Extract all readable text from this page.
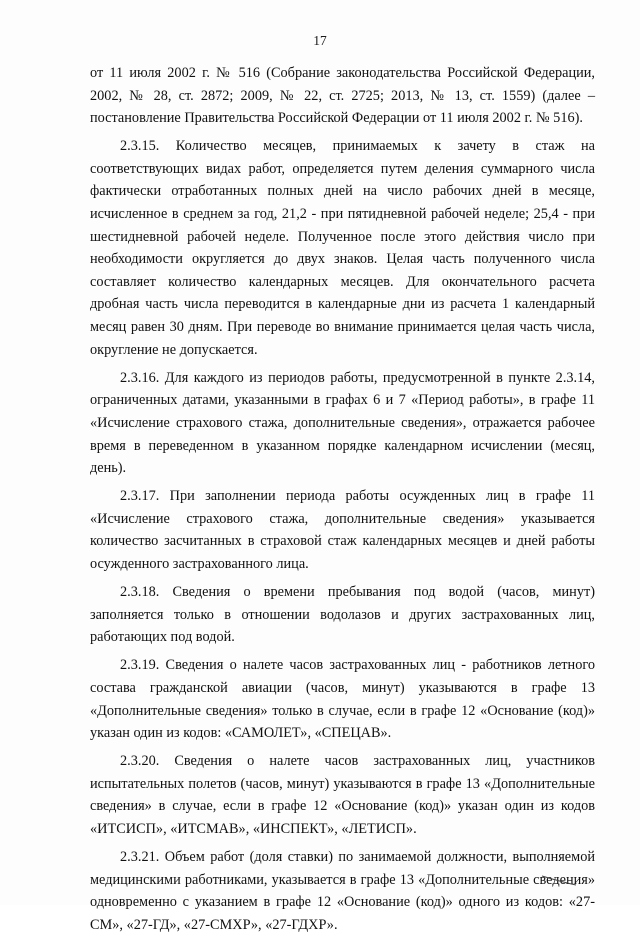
17

от 11 июля 2002 г. № 516 (Собрание законодательства Российской Федерации, 2002, № 28, ст. 2872; 2009, № 22, ст. 2725; 2013, № 13, ст. 1559) (далее – постановление Правительства Российской Федерации от 11 июля 2002 г. № 516).

2.3.15. Количество месяцев, принимаемых к зачету в стаж на соответствующих видах работ, определяется путем деления суммарного числа фактически отработанных полных дней на число рабочих дней в месяце, исчисленное в среднем за год, 21,2 - при пятидневной рабочей неделе; 25,4 - при шестидневной рабочей неделе. Полученное после этого действия число при необходимости округляется до двух знаков. Целая часть полученного числа составляет количество календарных месяцев. Для окончательного расчета дробная часть числа переводится в календарные дни из расчета 1 календарный месяц равен 30 дням. При переводе во внимание принимается целая часть числа, округление не допускается.

2.3.16. Для каждого из периодов работы, предусмотренной в пункте 2.3.14, ограниченных датами, указанными в графах 6 и 7 «Период работы», в графе 11 «Исчисление страхового стажа, дополнительные сведения», отражается рабочее время в переведенном в указанном порядке календарном исчислении (месяц, день).

2.3.17. При заполнении периода работы осужденных лиц в графе 11 «Исчисление страхового стажа, дополнительные сведения» указывается количество засчитанных в страховой стаж календарных месяцев и дней работы осужденного застрахованного лица.

2.3.18. Сведения о времени пребывания под водой (часов, минут) заполняется только в отношении водолазов и других застрахованных лиц, работающих под водой.

2.3.19. Сведения о налете часов застрахованных лиц - работников летного состава гражданской авиации (часов, минут) указываются в графе 13 «Дополнительные сведения» только в случае, если в графе 12 «Основание (код)» указан один из кодов: «САМОЛЕТ», «СПЕЦАВ».

2.3.20. Сведения о налете часов застрахованных лиц, участников испытательных полетов (часов, минут) указываются в графе 13 «Дополнительные сведения» в случае, если в графе 12 «Основание (код)» указан один из кодов «ИТСИСП», «ИТСМАВ», «ИНСПЕКТ», «ЛЕТИСП».

2.3.21. Объем работ (доля ставки) по занимаемой должности, выполняемой медицинскими работниками, указывается в графе 13 «Дополнительные сведения» одновременно с указанием в графе 12 «Основание (код)» одного из кодов: «27-СМ», «27-ГД», «27-СМХР», «27-ГДХР».
